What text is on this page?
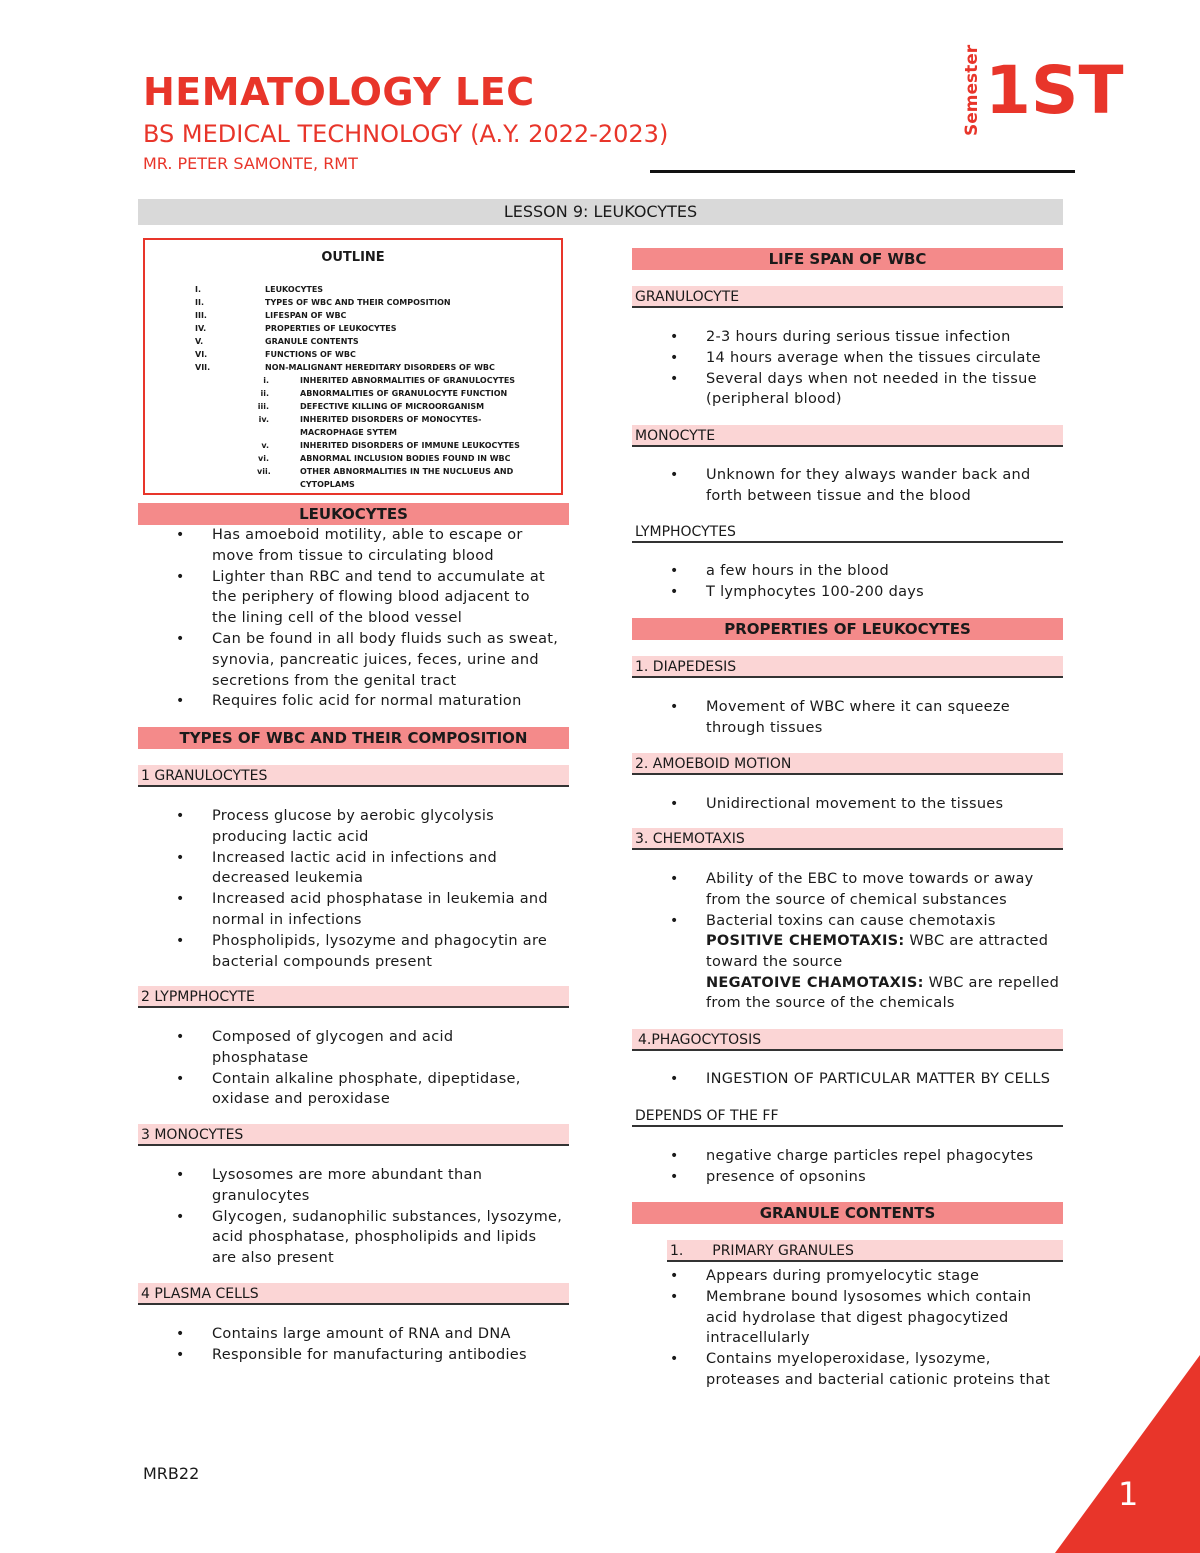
HEMATOLOGY LEC
BS MEDICAL TECHNOLOGY (A.Y. 2022-2023)
MR. PETER SAMONTE, RMT
Semester 1ST
LESSON 9: LEUKOCYTES
OUTLINE
I.	LEUKOCYTES
II.	TYPES OF WBC AND THEIR COMPOSITION
III.	LIFESPAN OF WBC
IV.	PROPERTIES OF LEUKOCYTES
V.	GRANULE CONTENTS
VI.	FUNCTIONS OF WBC
VII.	NON-MALIGNANT HEREDITARY DISORDERS OF WBC
i.	INHERITED ABNORMALITIES OF GRANULOCYTES
ii.	ABNORMALITIES OF GRANULOCYTE FUNCTION
iii.	DEFECTIVE KILLING OF MICROORGANISM
iv.	INHERITED DISORDERS OF MONOCYTES-
MACROPHAGE SYTEM
v.	INHERITED DISORDERS OF IMMUNE LEUKOCYTES
vi.	ABNORMAL INCLUSION BODIES FOUND IN WBC
vii.	OTHER ABNORMALITIES IN THE NUCLUEUS AND
CYTOPLAMS
LEUKOCYTES
• Has amoeboid motility, able to escape or
move from tissue to circulating blood
• Lighter than RBC and tend to accumulate at
the periphery of flowing blood adjacent to
the lining cell of the blood vessel
• Can be found in all body fluids such as sweat,
synovia, pancreatic juices, feces, urine and
secretions from the genital tract
• Requires folic acid for normal maturation
TYPES OF WBC AND THEIR COMPOSITION
1 GRANULOCYTES
• Process glucose by aerobic glycolysis
producing lactic acid
• Increased lactic acid in infections and
decreased leukemia
• Increased acid phosphatase in leukemia and
normal in infections
• Phospholipids, lysozyme and phagocytin are
bacterial compounds present
2 LYPMPHOCYTE
• Composed of glycogen and acid
phosphatase
• Contain alkaline phosphate, dipeptidase,
oxidase and peroxidase
3 MONOCYTES
• Lysosomes are more abundant than
granulocytes
• Glycogen, sudanophilic substances, lysozyme,
acid phosphatase, phospholipids and lipids
are also present
4 PLASMA CELLS
• Contains large amount of RNA and DNA
• Responsible for manufacturing antibodies
LIFE SPAN OF WBC
GRANULOCYTE
• 2-3 hours during serious tissue infection
• 14 hours average when the tissues circulate
• Several days when not needed in the tissue
(peripheral blood)
MONOCYTE
• Unknown for they always wander back and
forth between tissue and the blood
LYMPHOCYTES
• a few hours in the blood
• T lymphocytes 100-200 days
PROPERTIES OF LEUKOCYTES
1. DIAPEDESIS
• Movement of WBC where it can squeeze
through tissues
2. AMOEBOID MOTION
• Unidirectional movement to the tissues
3. CHEMOTAXIS
• Ability of the EBC to move towards or away
from the source of chemical substances
• Bacterial toxins can cause chemotaxis
POSITIVE CHEMOTAXIS: WBC are attracted
toward the source
NEGATOIVE CHAMOTAXIS: WBC are repelled
from the source of the chemicals
4.PHAGOCYTOSIS
• INGESTION OF PARTICULAR MATTER BY CELLS
DEPENDS OF THE FF
• negative charge particles repel phagocytes
• presence of opsonins
GRANULE CONTENTS
1. PRIMARY GRANULES
• Appears during promyelocytic stage
• Membrane bound lysosomes which contain
acid hydrolase that digest phagocytized
intracellularly
• Contains myeloperoxidase, lysozyme,
proteases and bacterial cationic proteins that
MRB22
1
